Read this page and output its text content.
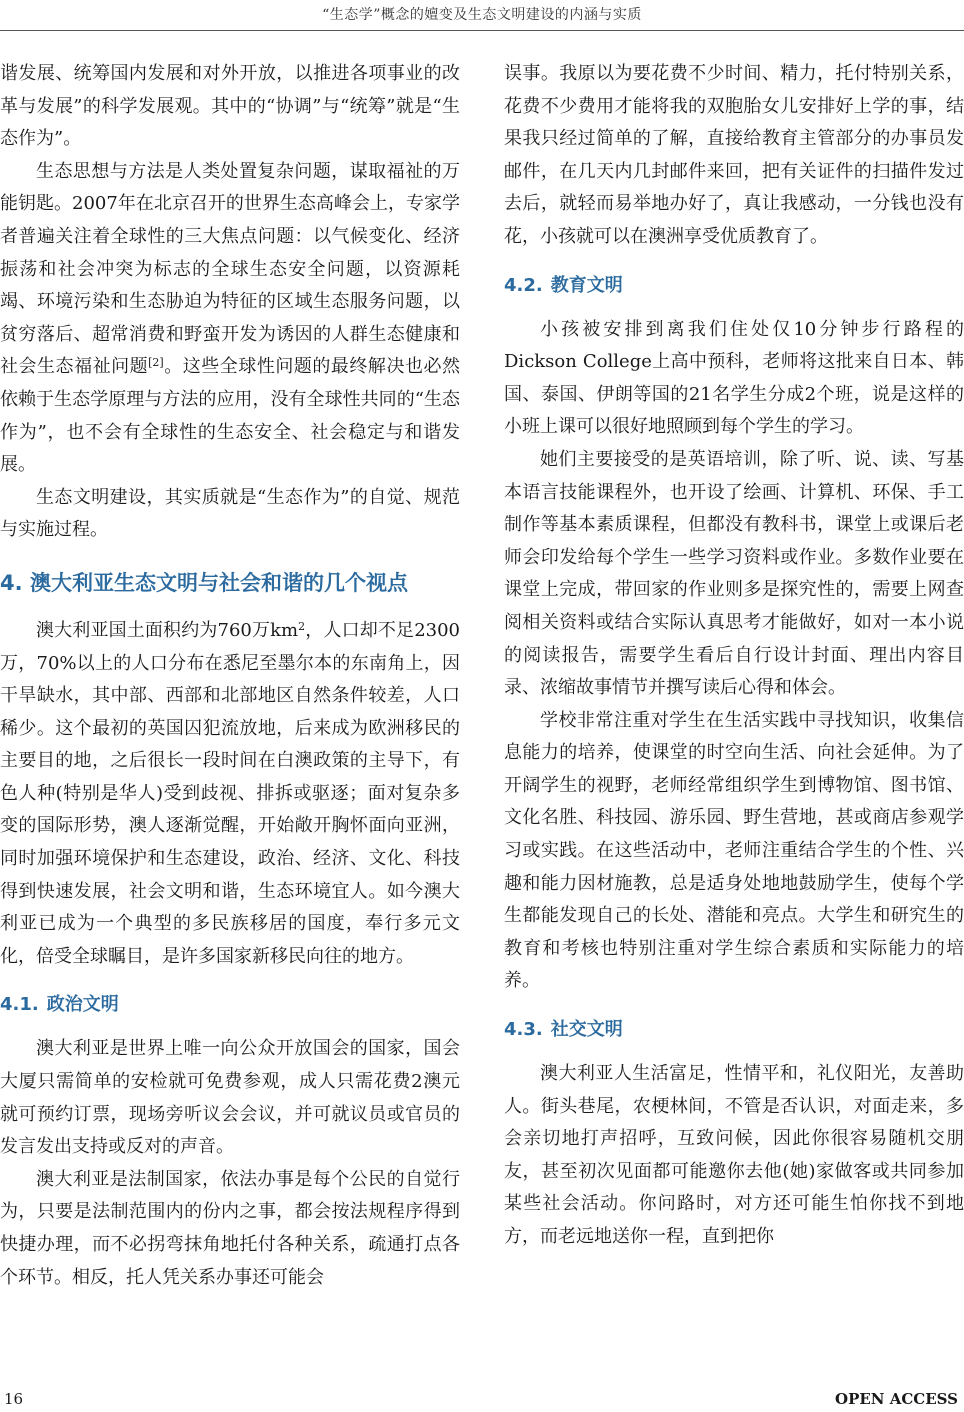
“生态学”概念的嬗变及生态文明建设的内涵与实质

谐发展、统筹国内发展和对外开放，以推进各项事业的改革与发展”的科学发展观。其中的“协调”与“统筹”就是“生态作为”。

生态思想与方法是人类处置复杂问题，谋取福祉的万能钥匙。2007年在北京召开的世界生态高峰会上，专家学者普遍关注着全球性的三大焦点问题：以气候变化、经济振荡和社会冲突为标志的全球生态安全问题，以资源耗竭、环境污染和生态胁迫为特征的区域生态服务问题，以贫穷落后、超常消费和野蛮开发为诱因的人群生态健康和社会生态福祉问题[2]。这些全球性问题的最终解决也必然依赖于生态学原理与方法的应用，没有全球性共同的“生态作为”，也不会有全球性的生态安全、社会稳定与和谐发展。

生态文明建设，其实质就是“生态作为”的自觉、规范与实施过程。

4. 澳大利亚生态文明与社会和谐的几个视点

澳大利亚国土面积约为760万$km^2$，人口却不足2300万，70%以上的人口分布在悉尼至墨尔本的东南角上，因干旱缺水，其中部、西部和北部地区自然条件较差，人口稀少。这个最初的英国囚犯流放地，后来成为欧洲移民的主要目的地，之后很长一段时间在白澳政策的主导下，有色人种(特别是华人)受到歧视、排拆或驱逐；面对复杂多变的国际形势，澳人逐渐觉醒，开始敞开胸怀面向亚洲，同时加强环境保护和生态建设，政治、经济、文化、科技得到快速发展，社会文明和谐，生态环境宜人。如今澳大利亚已成为一个典型的多民族移居的国度，奉行多元文化，倍受全球瞩目，是许多国家新移民向往的地方。

4.1. 政治文明

澳大利亚是世界上唯一向公众开放国会的国家，国会大厦只需简单的安检就可免费参观，成人只需花费2澳元就可预约订票，现场旁听议会会议，并可就议员或官员的发言发出支持或反对的声音。

澳大利亚是法制国家，依法办事是每个公民的自觉行为，只要是法制范围内的份内之事，都会按法规程序得到快捷办理，而不必拐弯抹角地托付各种关系，疏通打点各个环节。相反，托人凭关系办事还可能会

误事。我原以为要花费不少时间、精力，托付特别关系，花费不少费用才能将我的双胞胎女儿安排好上学的事，结果我只经过简单的了解，直接给教育主管部分的办事员发邮件，在几天内几封邮件来回，把有关证件的扫描件发过去后，就轻而易举地办好了，真让我感动，一分钱也没有花，小孩就可以在澳洲享受优质教育了。

4.2. 教育文明

小孩被安排到离我们住处仅10分钟步行路程的Dickson College上高中预科，老师将这批来自日本、韩国、泰国、伊朗等国的21名学生分成2个班，说是这样的小班上课可以很好地照顾到每个学生的学习。

她们主要接受的是英语培训，除了听、说、读、写基本语言技能课程外，也开设了绘画、计算机、环保、手工制作等基本素质课程，但都没有教科书，课堂上或课后老师会印发给每个学生一些学习资料或作业。多数作业要在课堂上完成，带回家的作业则多是探究性的，需要上网查阅相关资料或结合实际认真思考才能做好，如对一本小说的阅读报告，需要学生看后自行设计封面、理出内容目录、浓缩故事情节并撰写读后心得和体会。

学校非常注重对学生在生活实践中寻找知识，收集信息能力的培养，使课堂的时空向生活、向社会延伸。为了开阔学生的视野，老师经常组织学生到博物馆、图书馆、文化名胜、科技园、游乐园、野生营地，甚或商店参观学习或实践。在这些活动中，老师注重结合学生的个性、兴趣和能力因材施教，总是适身处地地鼓励学生，使每个学生都能发现自己的长处、潜能和亮点。大学生和研究生的教育和考核也特别注重对学生综合素质和实际能力的培养。

4.3. 社交文明

澳大利亚人生活富足，性情平和，礼仪阳光，友善助人。街头巷尾，农梗林间，不管是否认识，对面走来，多会亲切地打声招呼，互致问候，因此你很容易随机交朋友，甚至初次见面都可能邀你去他(她)家做客或共同参加某些社会活动。你问路时，对方还可能生怕你找不到地方，而老远地送你一程，直到把你

16	OPEN ACCESS
